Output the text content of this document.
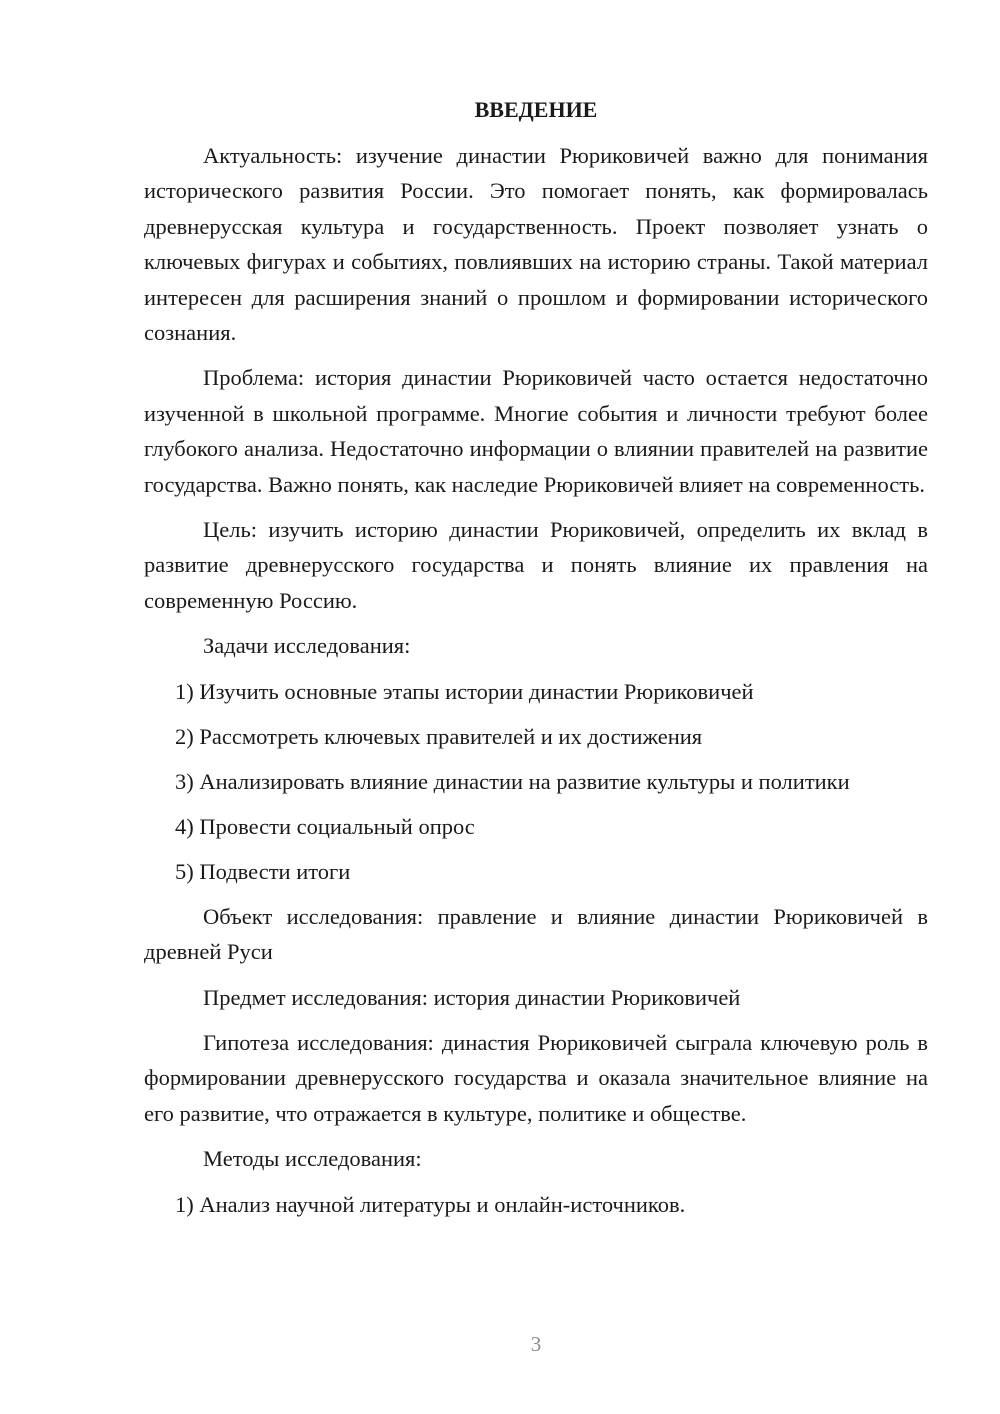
ВВЕДЕНИЕ

Актуальность: изучение династии Рюриковичей важно для понимания исторического развития России. Это помогает понять, как формировалась древнерусская культура и государственность. Проект позволяет узнать о ключевых фигурах и событиях, повлиявших на историю страны. Такой материал интересен для расширения знаний о прошлом и формировании исторического сознания.

Проблема: история династии Рюриковичей часто остается недостаточно изученной в школьной программе. Многие события и личности требуют более глубокого анализа. Недостаточно информации о влиянии правителей на развитие государства. Важно понять, как наследие Рюриковичей влияет на современность.

Цель: изучить историю династии Рюриковичей, определить их вклад в развитие древнерусского государства и понять влияние их правления на современную Россию.

Задачи исследования:

1) Изучить основные этапы истории династии Рюриковичей

2) Рассмотреть ключевых правителей и их достижения

3) Анализировать влияние династии на развитие культуры и политики

4) Провести социальный опрос

5) Подвести итоги

Объект исследования: правление и влияние династии Рюриковичей в древней Руси

Предмет исследования: история династии Рюриковичей

Гипотеза исследования: династия Рюриковичей сыграла ключевую роль в формировании древнерусского государства и оказала значительное влияние на его развитие, что отражается в культуре, политике и обществе.

Методы исследования:

1) Анализ научной литературы и онлайн-источников.

3
